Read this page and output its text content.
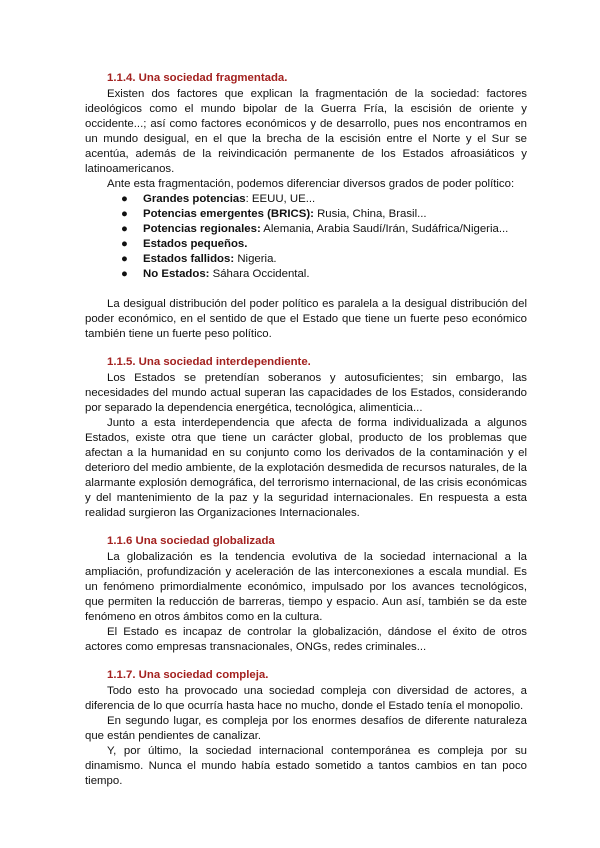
1.1.4. Una sociedad fragmentada.

Existen dos factores que explican la fragmentación de la sociedad: factores ideológicos como el mundo bipolar de la Guerra Fría, la escisión de oriente y occidente...; así como factores económicos y de desarrollo, pues nos encontramos en un mundo desigual, en el que la brecha de la escisión entre el Norte y el Sur se acentúa, además de la reivindicación permanente de los Estados afroasiáticos y latinoamericanos.

Ante esta fragmentación, podemos diferenciar diversos grados de poder político:

● Grandes potencias: EEUU, UE...
● Potencias emergentes (BRICS): Rusia, China, Brasil...
● Potencias regionales: Alemania, Arabia Saudí/Irán, Sudáfrica/Nigeria...
● Estados pequeños.
● Estados fallidos: Nigeria.
● No Estados: Sáhara Occidental.

La desigual distribución del poder político es paralela a la desigual distribución del poder económico, en el sentido de que el Estado que tiene un fuerte peso económico también tiene un fuerte peso político.

1.1.5. Una sociedad interdependiente.

Los Estados se pretendían soberanos y autosuficientes; sin embargo, las necesidades del mundo actual superan las capacidades de los Estados, considerando por separado la dependencia energética, tecnológica, alimenticia...

Junto a esta interdependencia que afecta de forma individualizada a algunos Estados, existe otra que tiene un carácter global, producto de los problemas que afectan a la humanidad en su conjunto como los derivados de la contaminación y el deterioro del medio ambiente, de la explotación desmedida de recursos naturales, de la alarmante explosión demográfica, del terrorismo internacional, de las crisis económicas y del mantenimiento de la paz y la seguridad internacionales. En respuesta a esta realidad surgieron las Organizaciones Internacionales.

1.1.6 Una sociedad globalizada

La globalización es la tendencia evolutiva de la sociedad internacional a la ampliación, profundización y aceleración de las interconexiones a escala mundial. Es un fenómeno primordialmente económico, impulsado por los avances tecnológicos, que permiten la reducción de barreras, tiempo y espacio. Aun así, también se da este fenómeno en otros ámbitos como en la cultura.

El Estado es incapaz de controlar la globalización, dándose el éxito de otros actores como empresas transnacionales, ONGs, redes criminales...

1.1.7. Una sociedad compleja.

Todo esto ha provocado una sociedad compleja con diversidad de actores, a diferencia de lo que ocurría hasta hace no mucho, donde el Estado tenía el monopolio.

En segundo lugar, es compleja por los enormes desafíos de diferente naturaleza que están pendientes de canalizar.

Y, por último, la sociedad internacional contemporánea es compleja por su dinamismo. Nunca el mundo había estado sometido a tantos cambios en tan poco tiempo.
